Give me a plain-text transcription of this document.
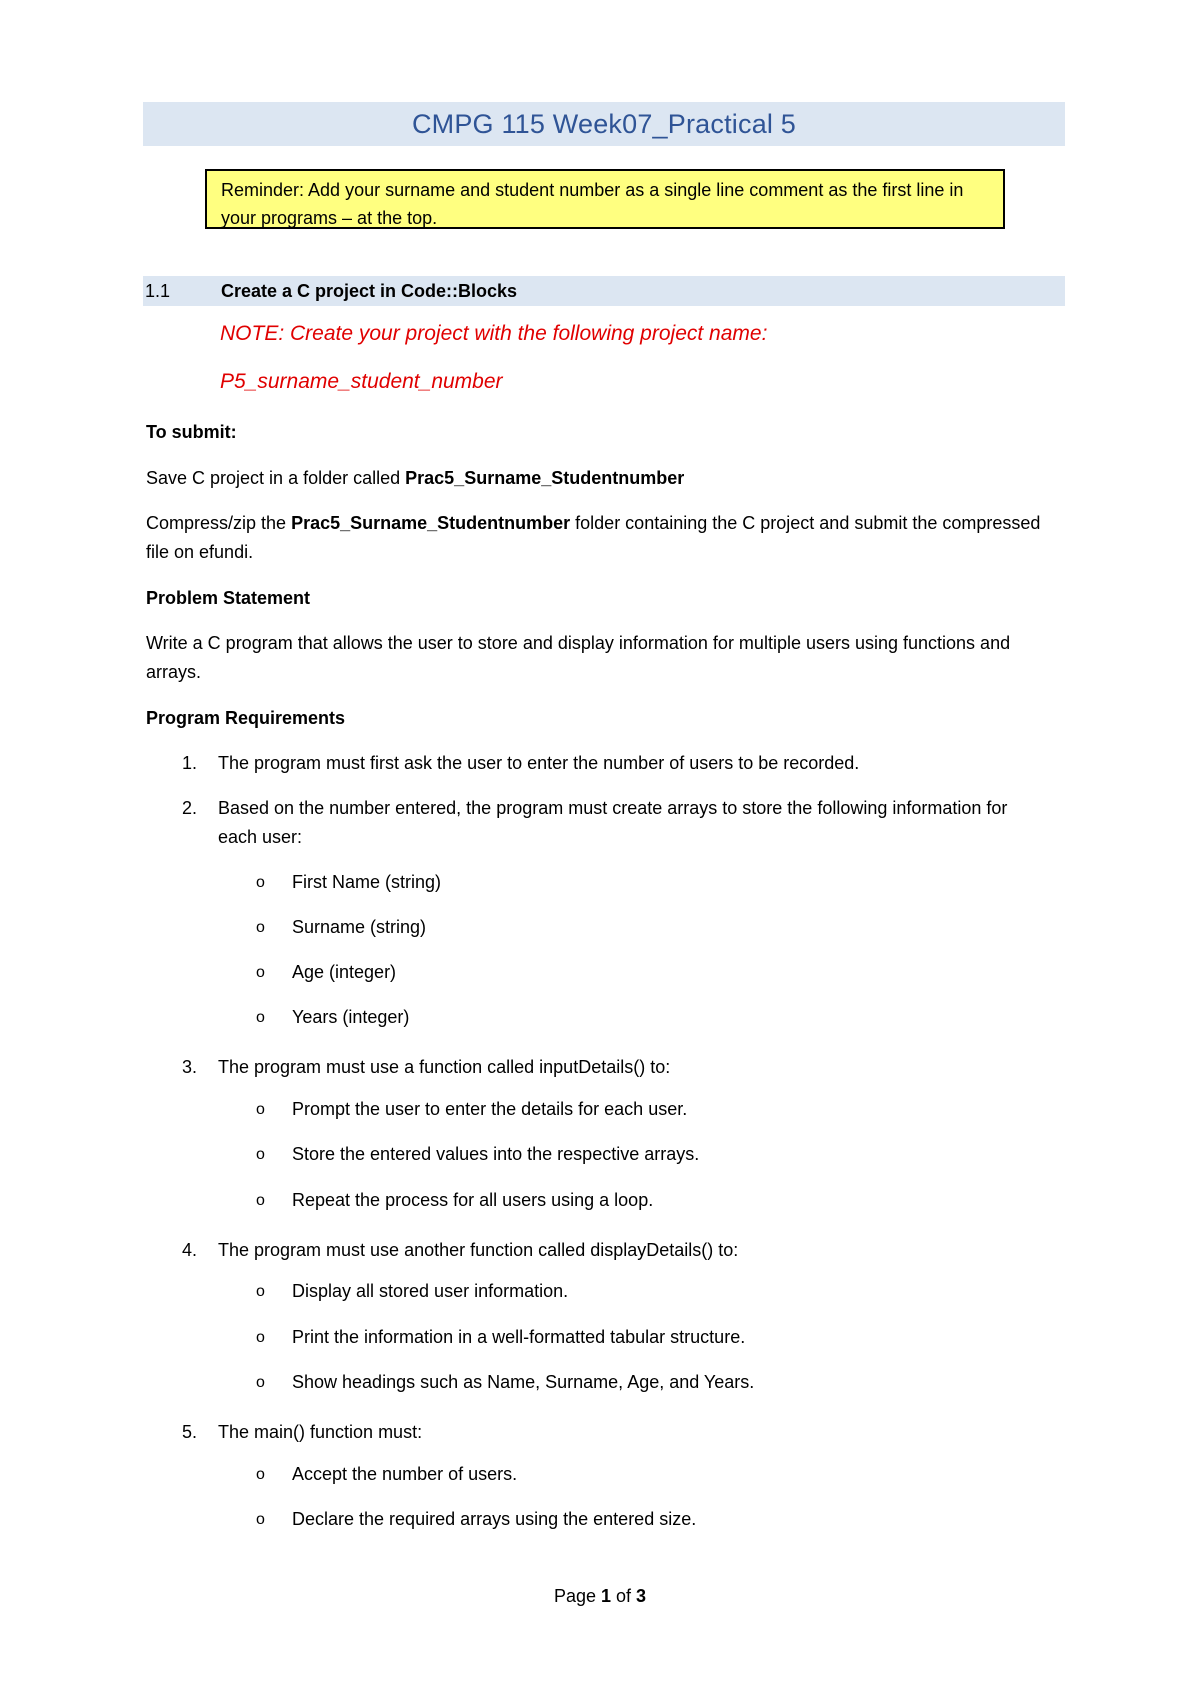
CMPG 115 Week07_Practical 5
Reminder: Add your surname and student number as a single line comment as the first line in your programs – at the top.
1.1	Create a C project in Code::Blocks
NOTE: Create your project with the following project name:
P5_surname_student_number
To submit:
Save C project in a folder called Prac5_Surname_Studentnumber
Compress/zip the Prac5_Surname_Studentnumber folder containing the C project and submit the compressed file on efundi.
Problem Statement
Write a C program that allows the user to store and display information for multiple users using functions and arrays.
Program Requirements
1. The program must first ask the user to enter the number of users to be recorded.
2. Based on the number entered, the program must create arrays to store the following information for each user:
o First Name (string)
o Surname (string)
o Age (integer)
o Years (integer)
3. The program must use a function called inputDetails() to:
o Prompt the user to enter the details for each user.
o Store the entered values into the respective arrays.
o Repeat the process for all users using a loop.
4. The program must use another function called displayDetails() to:
o Display all stored user information.
o Print the information in a well-formatted tabular structure.
o Show headings such as Name, Surname, Age, and Years.
5. The main() function must:
o Accept the number of users.
o Declare the required arrays using the entered size.
Page 1 of 3
